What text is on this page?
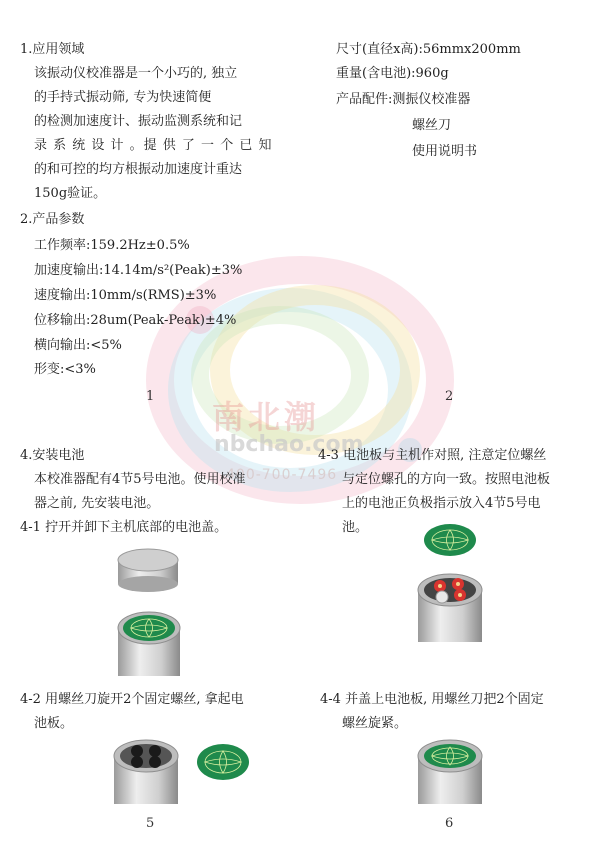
南北潮
nbchao.com
400-700-7496
1.应用领域
该振动仪校准器是一个小巧的, 独立
的手持式振动筛, 专为快速简便
的检测加速度计、振动监测系统和记
录 系 统 设 计 。提 供 了 一 个 已 知
的和可控的均方根振动加速度计重达
150g验证。
2.产品参数
工作频率:159.2Hz±0.5%
加速度输出:14.14m/s²(Peak)±3%
速度输出:10mm/s(RMS)±3%
位移输出:28um(Peak-Peak)±4%
横向输出:<5%
形变:<3%
尺寸(直径x高):56mmx200mm
重量(含电池):960g
产品配件:测振仪校准器
螺丝刀
使用说明书
1	2
5	6
4.安装电池
本校准器配有4节5号电池。使用校准
器之前, 先安装电池。
4-1 拧开并卸下主机底部的电池盖。
4-2 用螺丝刀旋开2个固定螺丝, 拿起电
池板。
4-3 电池板与主机作对照, 注意定位螺丝
与定位螺孔的方向一致。按照电池板
上的电池正负极指示放入4节5号电
池。
4-4 并盖上电池板, 用螺丝刀把2个固定
螺丝旋紧。
